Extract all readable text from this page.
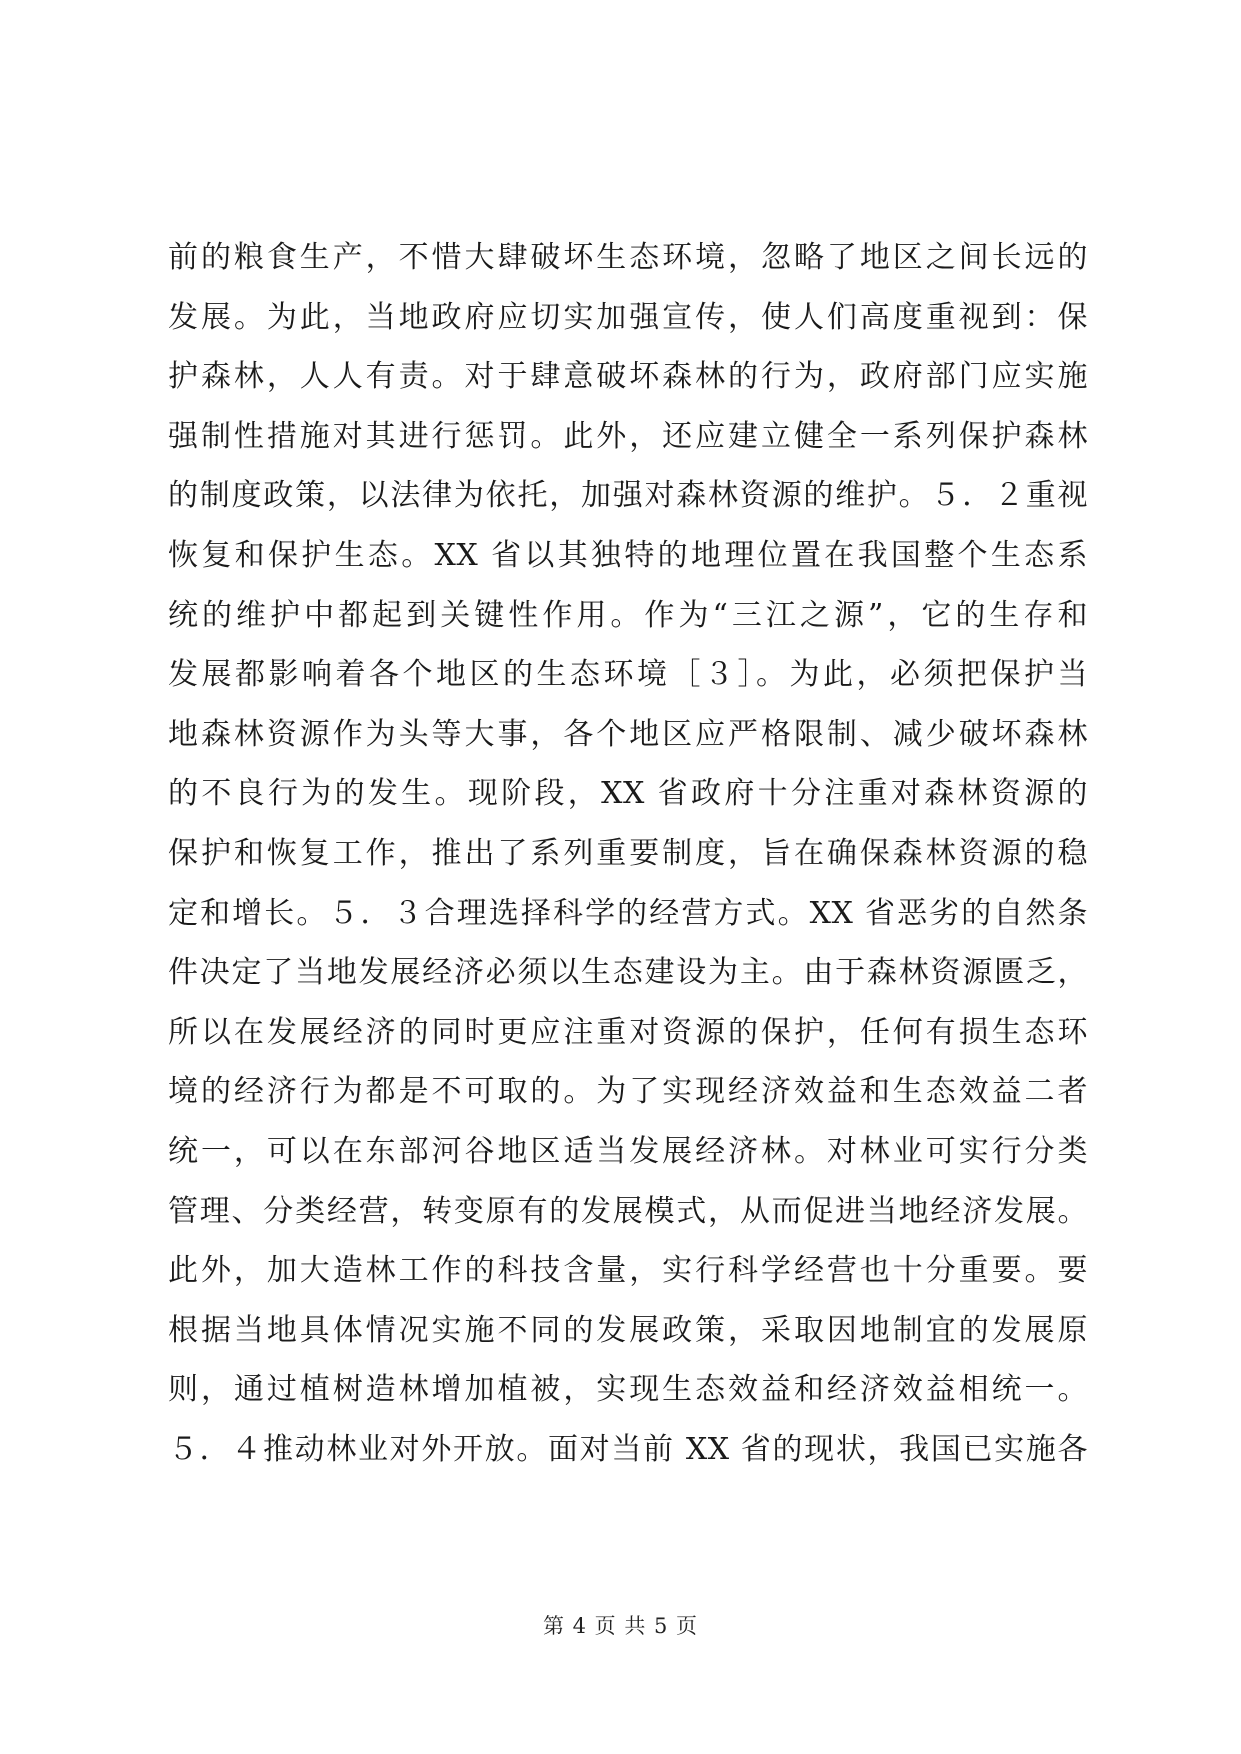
前的粮食生产，不惜大肆破坏生态环境，忽略了地区之间长远的
发展。为此，当地政府应切实加强宣传，使人们高度重视到：保
护森林，人人有责。对于肆意破坏森林的行为，政府部门应实施
强制性措施对其进行惩罚。此外，还应建立健全一系列保护森林
的制度政策，以法律为依托，加强对森林资源的维护。５．２重视
恢复和保护生态。XX 省以其独特的地理位置在我国整个生态系
统的维护中都起到关键性作用。作为“三江之源”，它的生存和
发展都影响着各个地区的生态环境［３］。为此，必须把保护当
地森林资源作为头等大事，各个地区应严格限制、减少破坏森林
的不良行为的发生。现阶段，XX 省政府十分注重对森林资源的
保护和恢复工作，推出了系列重要制度，旨在确保森林资源的稳
定和增长。５．３合理选择科学的经营方式。XX 省恶劣的自然条
件决定了当地发展经济必须以生态建设为主。由于森林资源匮乏，
所以在发展经济的同时更应注重对资源的保护，任何有损生态环
境的经济行为都是不可取的。为了实现经济效益和生态效益二者
统一，可以在东部河谷地区适当发展经济林。对林业可实行分类
管理、分类经营，转变原有的发展模式，从而促进当地经济发展。
此外，加大造林工作的科技含量，实行科学经营也十分重要。要
根据当地具体情况实施不同的发展政策，采取因地制宜的发展原
则，通过植树造林增加植被，实现生态效益和经济效益相统一。
５．４推动林业对外开放。面对当前 XX 省的现状，我国已实施各
第 4 页 共 5 页
